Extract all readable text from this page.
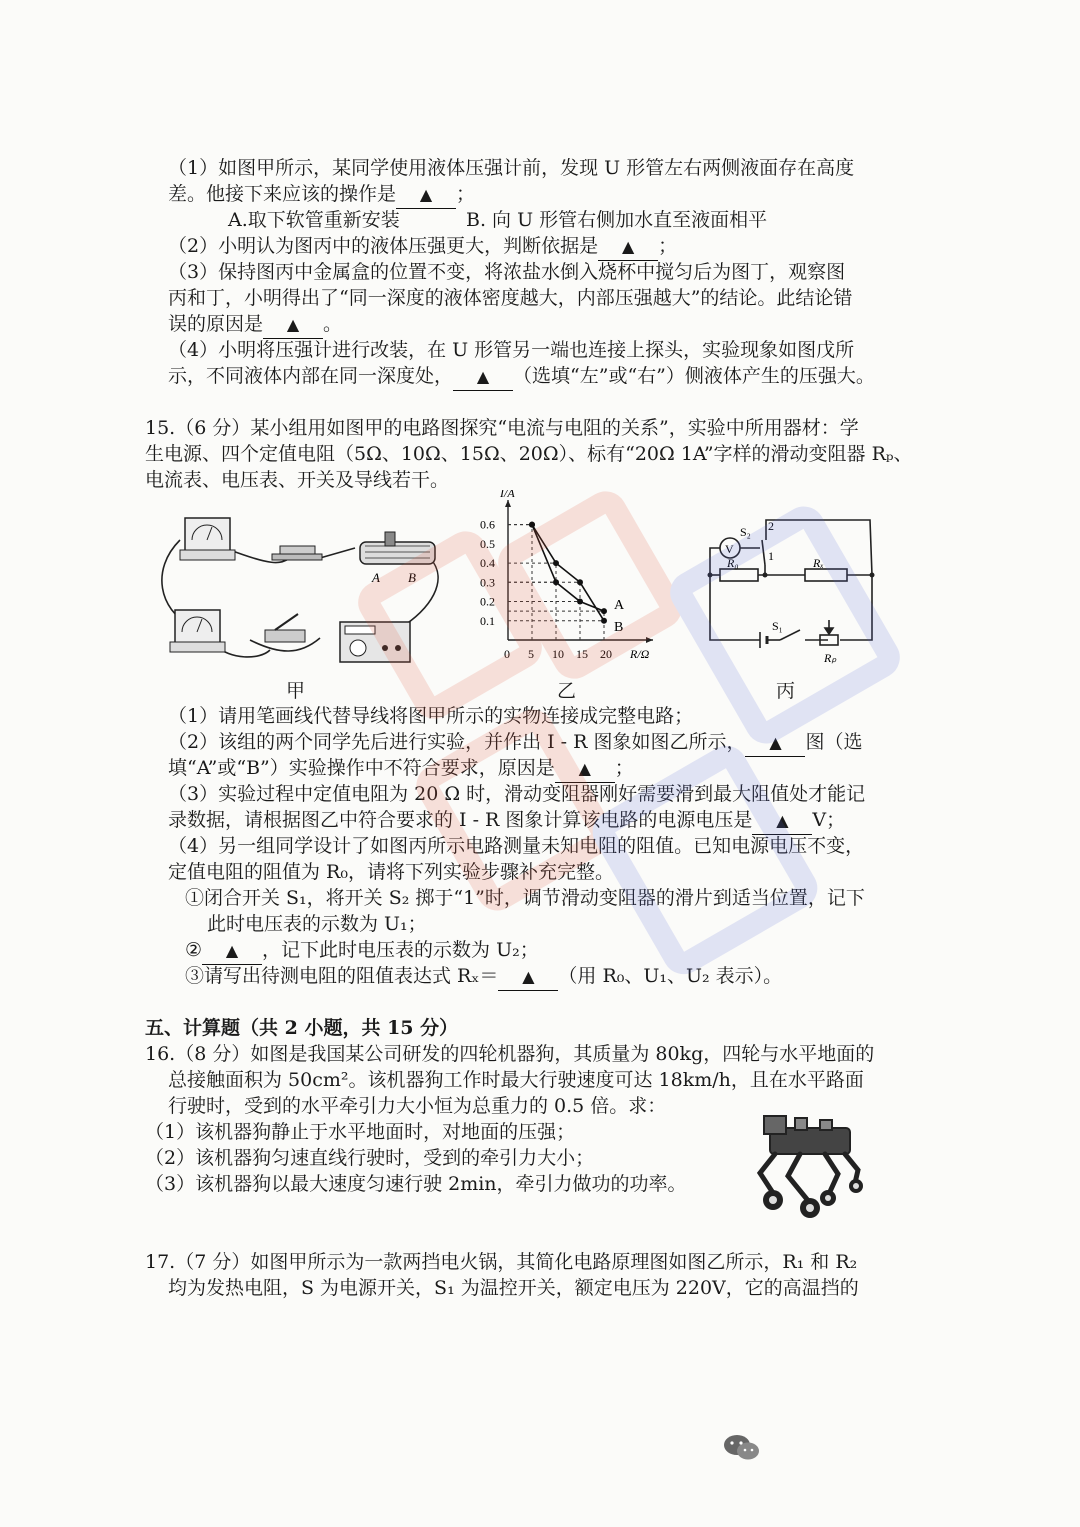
（1）如图甲所示，某同学使用液体压强计前，发现 U 形管左右两侧液面存在高度
差。他接下来应该的操作是 ▲ ；
A.取下软管重新安装	B. 向 U 形管右侧加水直至液面相平
（2）小明认为图丙中的液体压强更大，判断依据是 ▲ ；
（3）保持图丙中金属盒的位置不变，将浓盐水倒入烧杯中搅匀后为图丁，观察图
丙和丁，小明得出了“同一深度的液体密度越大，内部压强越大”的结论。此结论错
误的原因是 ▲ 。
（4）小明将压强计进行改装，在 U 形管另一端也连接上探头，实验现象如图戊所
示，不同液体内部在同一深度处， ▲ （选填“左”或“右”）侧液体产生的压强大。
15.（6 分）某小组用如图甲的电路图探究“电流与电阻的关系”，实验中所用器材：学
生电源、四个定值电阻（5Ω、10Ω、15Ω、20Ω）、标有“20Ω 1A”字样的滑动变阻器 Rₚ、
电流表、电压表、开关及导线若干。
A B
甲
I/A
R/Ω
0 5 10 15 20
0.1
0.2
0.3
0.4
0.5
0.6
A
B
乙
V
S₂ 2
1
R₀	Rₓ
S₁
Rₚ
丙
（1）请用笔画线代替导线将图甲所示的实物连接成完整电路；
（2）该组的两个同学先后进行实验，并作出 I - R 图象如图乙所示， ▲ 图（选
填“A”或“B”）实验操作中不符合要求，原因是 ▲ ；
（3）实验过程中定值电阻为 20 Ω 时，滑动变阻器刚好需要滑到最大阻值处才能记
录数据，请根据图乙中符合要求的 I - R 图象计算该电路的电源电压是 ▲ V；
（4）另一组同学设计了如图丙所示电路测量未知电阻的阻值。已知电源电压不变，
定值电阻的阻值为 R₀，请将下列实验步骤补充完整。
①闭合开关 S₁，将开关 S₂ 掷于“1”时，调节滑动变阻器的滑片到适当位置，记下
此时电压表的示数为 U₁；
② ▲ ，记下此时电压表的示数为 U₂；
③请写出待测电阻的阻值表达式 Rₓ＝ ▲ （用 R₀、U₁、U₂ 表示）。
五、计算题（共 2 小题，共 15 分）
16.（8 分）如图是我国某公司研发的四轮机器狗，其质量为 80kg，四轮与水平地面的
总接触面积为 50cm²。该机器狗工作时最大行驶速度可达 18km/h，且在水平路面
行驶时，受到的水平牵引力大小恒为总重力的 0.5 倍。求：
（1）该机器狗静止于水平地面时，对地面的压强；
（2）该机器狗匀速直线行驶时，受到的牵引力大小；
（3）该机器狗以最大速度匀速行驶 2min，牵引力做功的功率。
17.（7 分）如图甲所示为一款两挡电火锅，其简化电路原理图如图乙所示，R₁ 和 R₂
均为发热电阻，S 为电源开关，S₁ 为温控开关，额定电压为 220V，它的高温挡的
